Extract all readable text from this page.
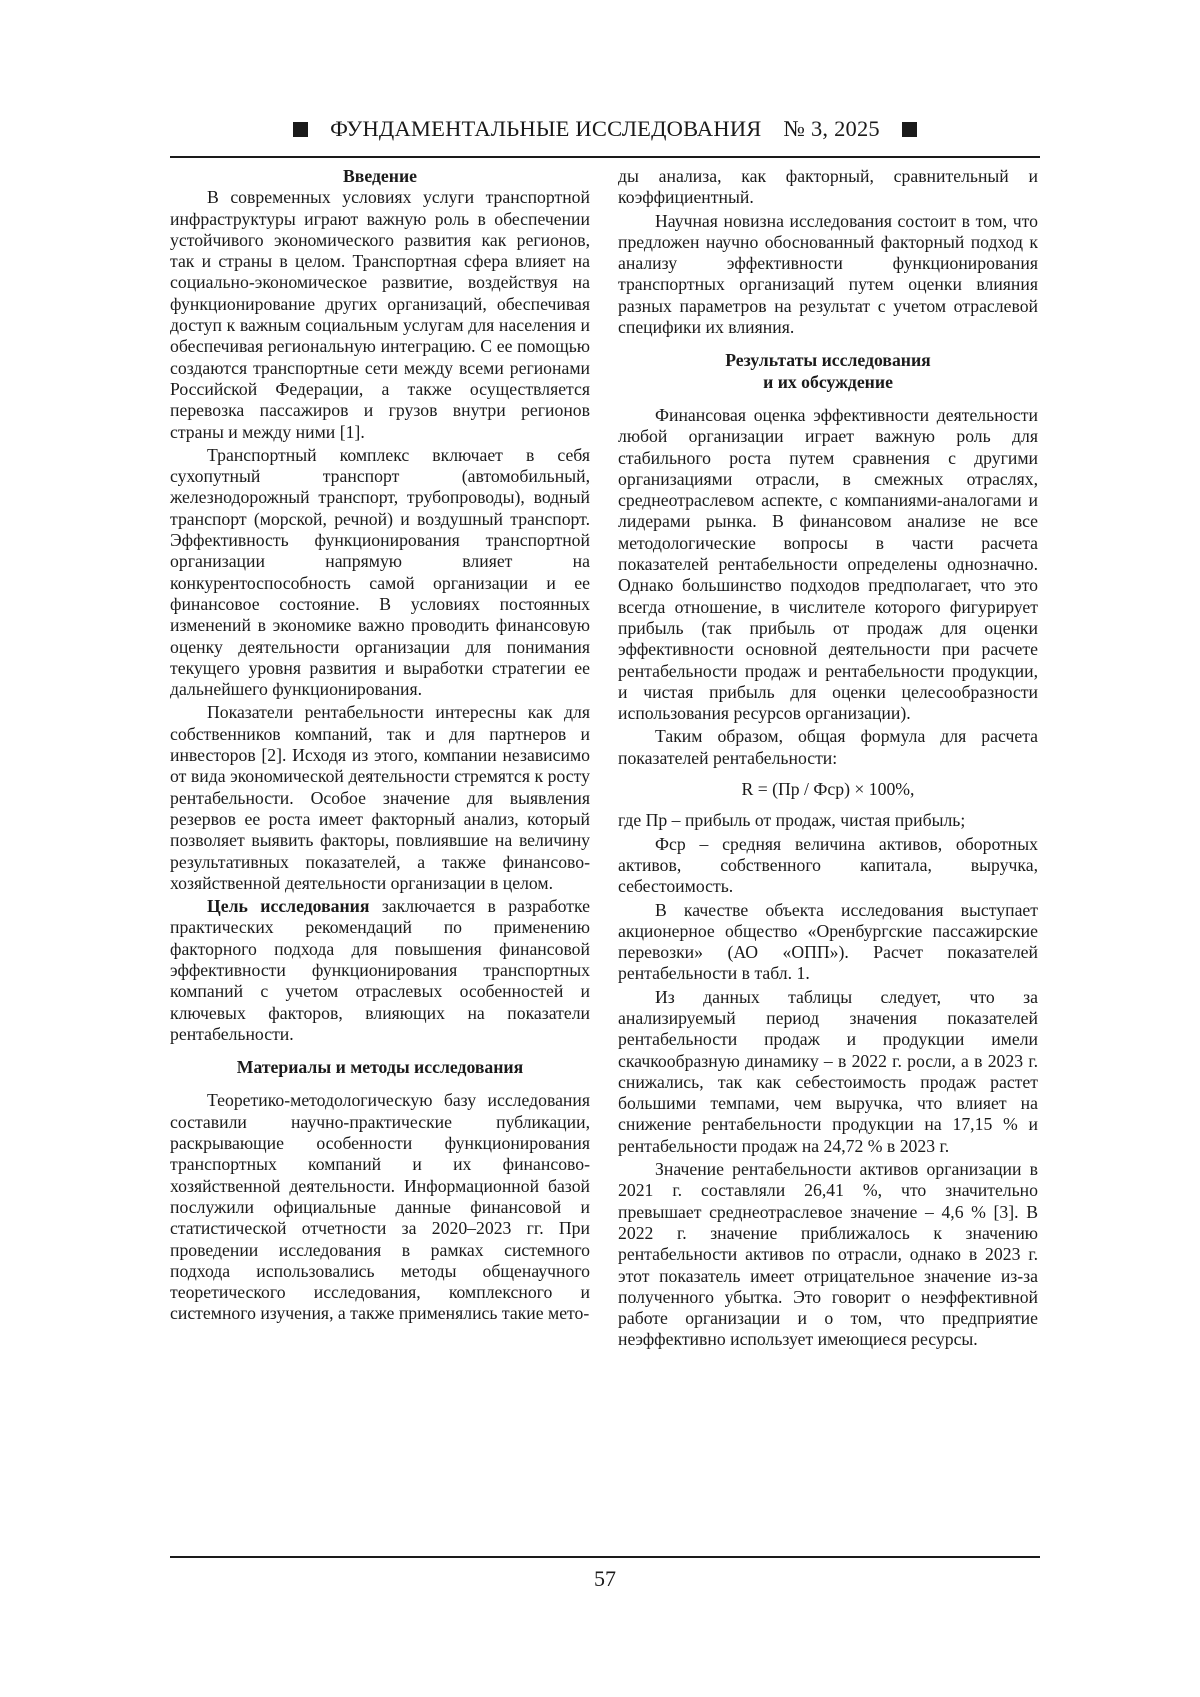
ФУНДАМЕНТАЛЬНЫЕ ИССЛЕДОВАНИЯ № 3, 2025
Введение

В современных условиях услуги транспортной инфраструктуры играют важную роль в обеспечении устойчивого экономического развития как регионов, так и страны в целом. Транспортная сфера влияет на социально-экономическое развитие, воздействуя на функционирование других организаций, обеспечивая доступ к важным социальным услугам для населения и обеспечивая региональную интеграцию. С ее помощью создаются транспортные сети между всеми регионами Российской Федерации, а также осуществляется перевозка пассажиров и грузов внутри регионов страны и между ними [1].

Транспортный комплекс включает в себя сухопутный транспорт (автомобильный, железнодорожный транспорт, трубопроводы), водный транспорт (морской, речной) и воздушный транспорт. Эффективность функционирования транспортной организации напрямую влияет на конкурентоспособность самой организации и ее финансовое состояние. В условиях постоянных изменений в экономике важно проводить финансовую оценку деятельности организации для понимания текущего уровня развития и выработки стратегии ее дальнейшего функционирования.

Показатели рентабельности интересны как для собственников компаний, так и для партнеров и инвесторов [2]. Исходя из этого, компании независимо от вида экономической деятельности стремятся к росту рентабельности. Особое значение для выявления резервов ее роста имеет факторный анализ, который позволяет выявить факторы, повлиявшие на величину результативных показателей, а также финансово-хозяйственной деятельности организации в целом.

Цель исследования заключается в разработке практических рекомендаций по применению факторного подхода для повышения финансовой эффективности функционирования транспортных компаний с учетом отраслевых особенностей и ключевых факторов, влияющих на показатели рентабельности.

Материалы и методы исследования

Теоретико-методологическую базу исследования составили научно-практические публикации, раскрывающие особенности функционирования транспортных компаний и их финансово-хозяйственной деятельности. Информационной базой послужили официальные данные финансовой и статистической отчетности за 2020–2023 гг. При проведении исследования в рамках системного подхода использовались методы общенаучного теоретического исследования, комплексного и системного изучения, а также применялись такие мето-

ды анализа, как факторный, сравнительный и коэффициентный.

Научная новизна исследования состоит в том, что предложен научно обоснованный факторный подход к анализу эффективности функционирования транспортных организаций путем оценки влияния разных параметров на результат с учетом отраслевой специфики их влияния.

Результаты исследования
и их обсуждение

Финансовая оценка эффективности деятельности любой организации играет важную роль для стабильного роста путем сравнения с другими организациями отрасли, в смежных отраслях, среднеотраслевом аспекте, с компаниями-аналогами и лидерами рынка. В финансовом анализе не все методологические вопросы в части расчета показателей рентабельности определены однозначно. Однако большинство подходов предполагает, что это всегда отношение, в числителе которого фигурирует прибыль (так прибыль от продаж для оценки эффективности основной деятельности при расчете рентабельности продаж и рентабельности продукции, и чистая прибыль для оценки целесообразности использования ресурсов организации).

Таким образом, общая формула для расчета показателей рентабельности:

R = (Пр / Фср) × 100%,

где Пр – прибыль от продаж, чистая прибыль;

Фср – средняя величина активов, оборотных активов, собственного капитала, выручка, себестоимость.

В качестве объекта исследования выступает акционерное общество «Оренбургские пассажирские перевозки» (АО «ОПП»). Расчет показателей рентабельности в табл. 1.

Из данных таблицы следует, что за анализируемый период значения показателей рентабельности продаж и продукции имели скачкообразную динамику – в 2022 г. росли, а в 2023 г. снижались, так как себестоимость продаж растет большими темпами, чем выручка, что влияет на снижение рентабельности продукции на 17,15 % и рентабельности продаж на 24,72 % в 2023 г.

Значение рентабельности активов организации в 2021 г. составляли 26,41 %, что значительно превышает среднеотраслевое значение – 4,6 % [3]. В 2022 г. значение приближалось к значению рентабельности активов по отрасли, однако в 2023 г. этот показатель имеет отрицательное значение из-за полученного убытка. Это говорит о неэффективной работе организации и о том, что предприятие неэффективно использует имеющиеся ресурсы.

57
